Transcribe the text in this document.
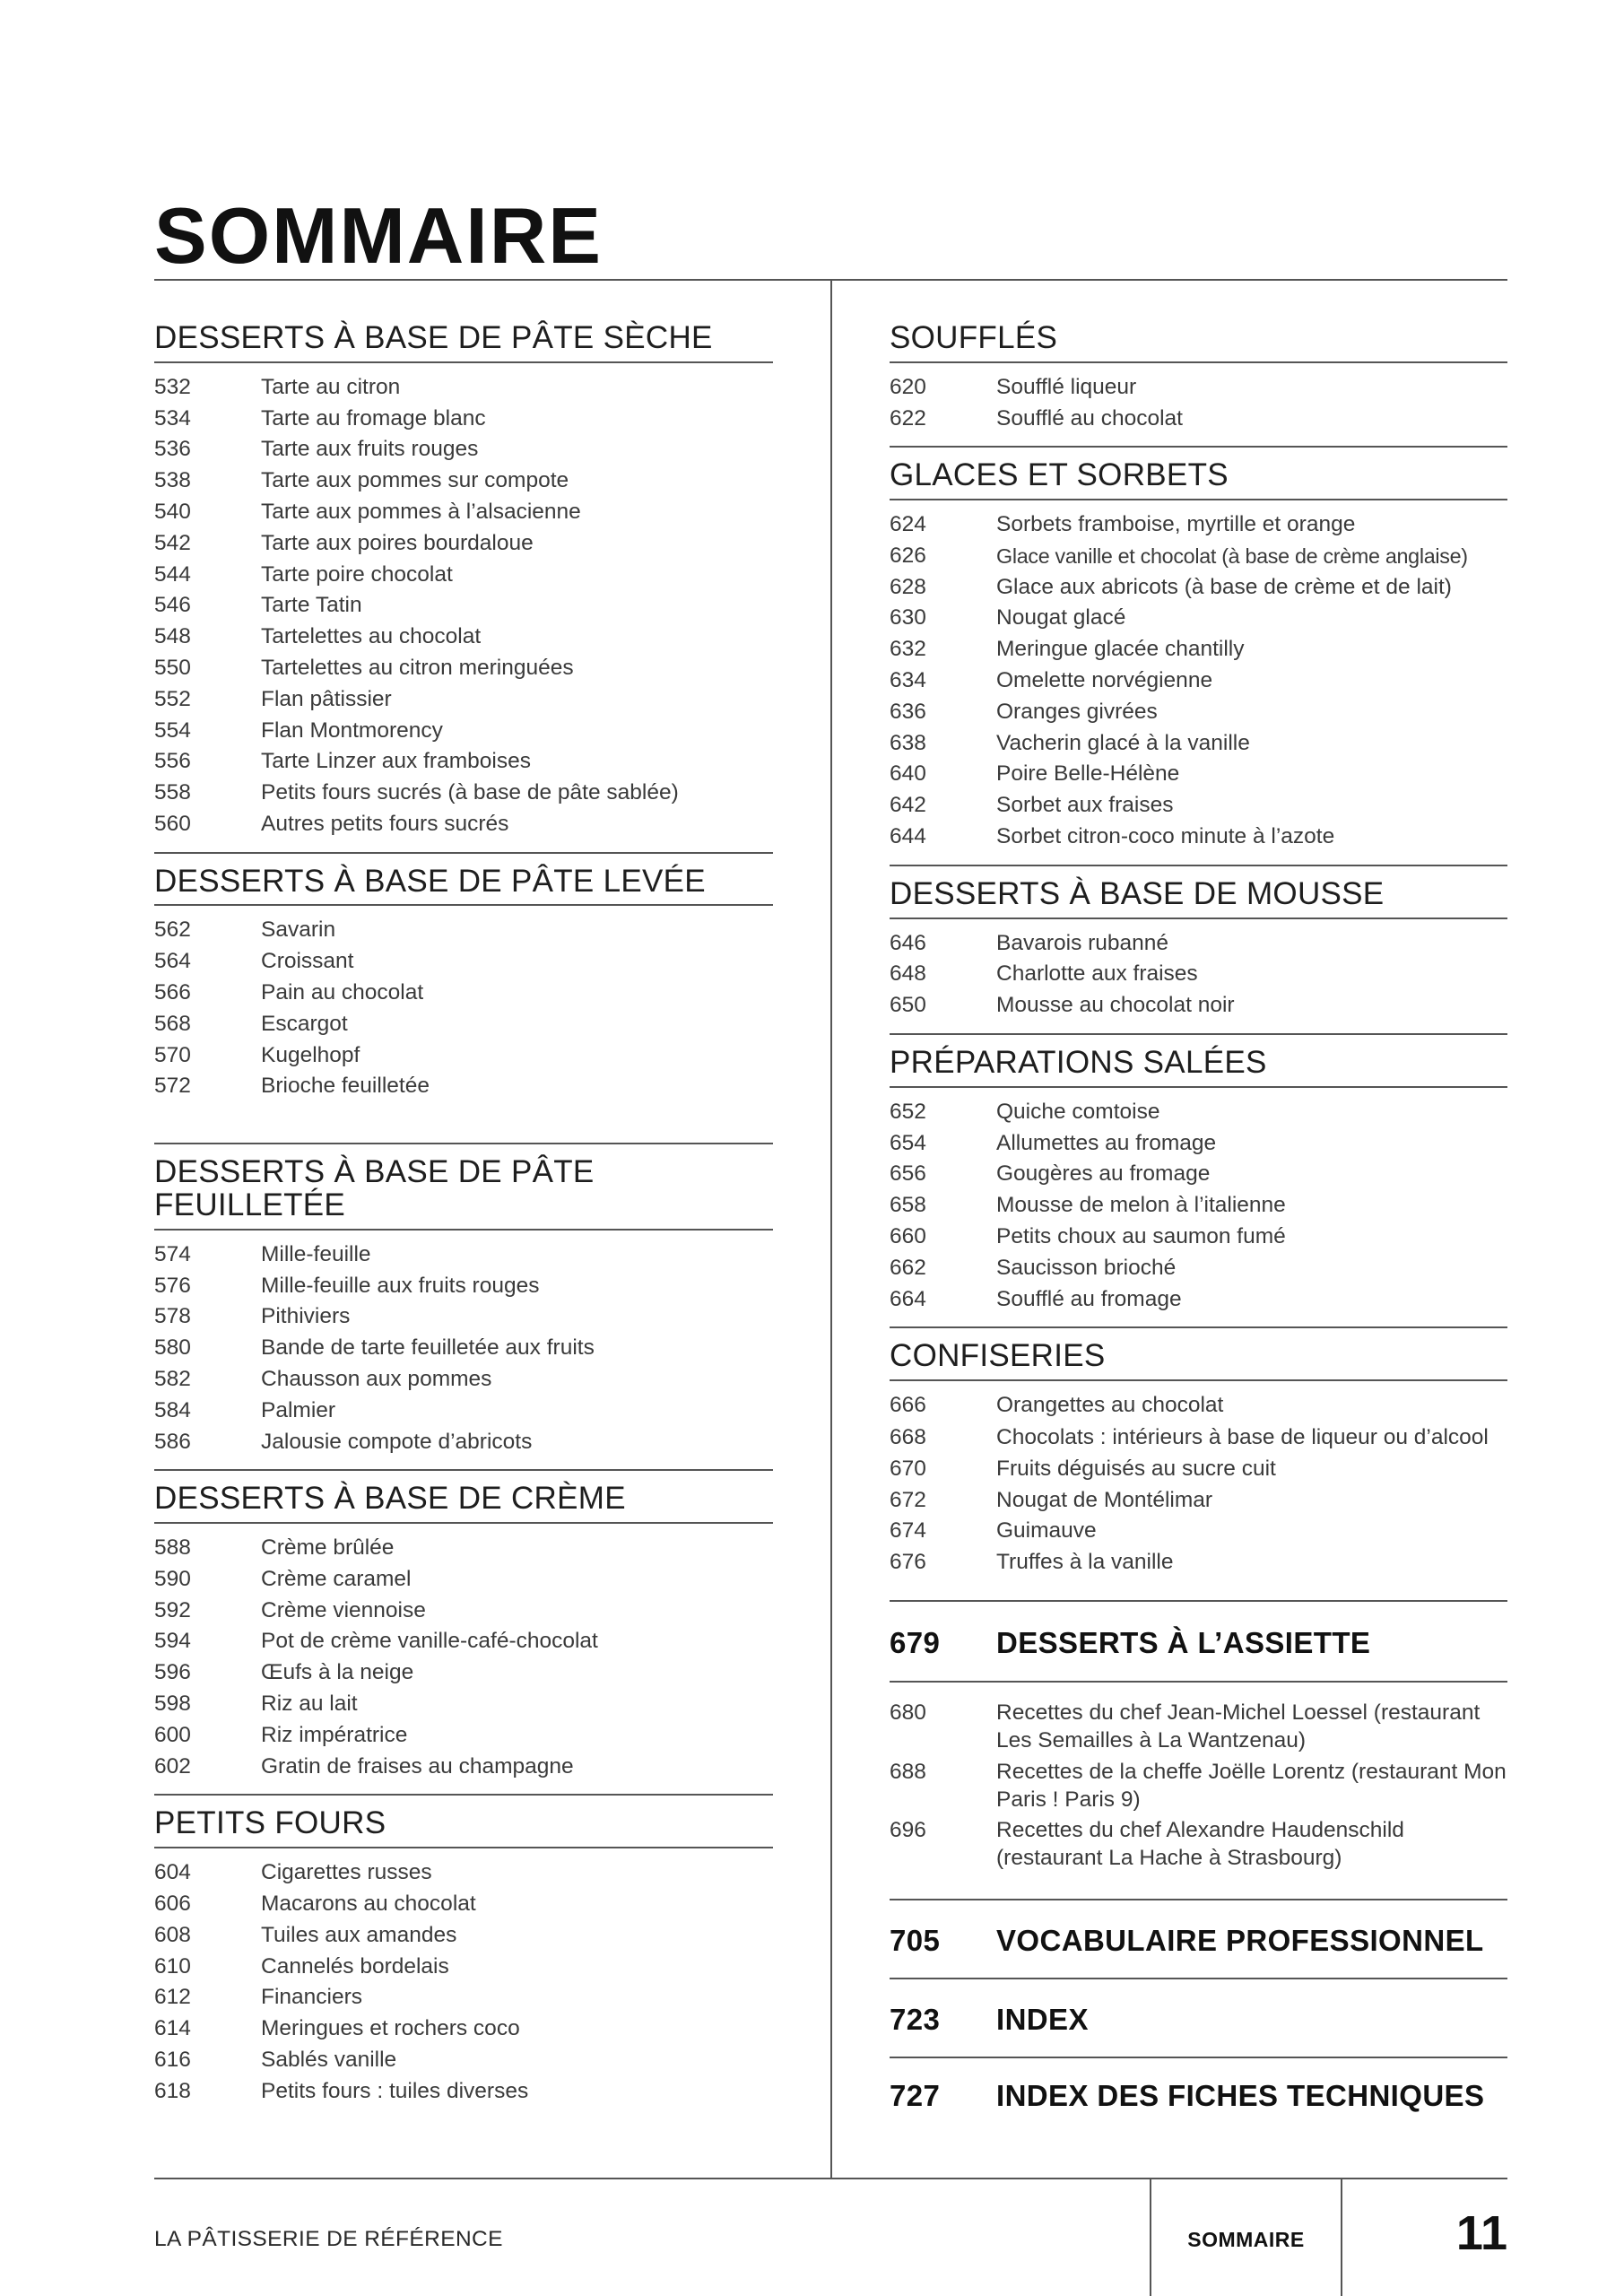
SOMMAIRE
DESSERTS À BASE DE PÂTE SÈCHE
532	Tarte au citron
534	Tarte au fromage blanc
536	Tarte aux fruits rouges
538	Tarte aux pommes sur compote
540	Tarte aux pommes à l’alsacienne
542	Tarte aux poires bourdaloue
544	Tarte poire chocolat
546	Tarte Tatin
548	Tartelettes au chocolat
550	Tartelettes au citron meringuées
552	Flan pâtissier
554	Flan Montmorency
556	Tarte Linzer aux framboises
558	Petits fours sucrés (à base de pâte sablée)
560	Autres petits fours sucrés
DESSERTS À BASE DE PÂTE LEVÉE
562	Savarin
564	Croissant
566	Pain au chocolat
568	Escargot
570	Kugelhopf
572	Brioche feuilletée
DESSERTS À BASE DE PÂTE FEUILLETÉE
574	Mille-feuille
576	Mille-feuille aux fruits rouges
578	Pithiviers
580	Bande de tarte feuilletée aux fruits
582	Chausson aux pommes
584	Palmier
586	Jalousie compote d’abricots
DESSERTS À BASE DE CRÈME
588	Crème brûlée
590	Crème caramel
592	Crème viennoise
594	Pot de crème vanille-café-chocolat
596	Œufs à la neige
598	Riz au lait
600	Riz impératrice
602	Gratin de fraises au champagne
PETITS FOURS
604	Cigarettes russes
606	Macarons au chocolat
608	Tuiles aux amandes
610	Cannelés bordelais
612	Financiers
614	Meringues et rochers coco
616	Sablés vanille
618	Petits fours : tuiles diverses
SOUFFLÉS
620	Soufflé liqueur
622	Soufflé au chocolat
GLACES ET SORBETS
624	Sorbets framboise, myrtille et orange
626	Glace vanille et chocolat (à base de crème anglaise)
628	Glace aux abricots (à base de crème et de lait)
630	Nougat glacé
632	Meringue glacée chantilly
634	Omelette norvégienne
636	Oranges givrées
638	Vacherin glacé à la vanille
640	Poire Belle-Hélène
642	Sorbet aux fraises
644	Sorbet citron-coco minute à l’azote
DESSERTS À BASE DE MOUSSE
646	Bavarois rubanné
648	Charlotte aux fraises
650	Mousse au chocolat noir
PRÉPARATIONS SALÉES
652	Quiche comtoise
654	Allumettes au fromage
656	Gougères au fromage
658	Mousse de melon à l’italienne
660	Petits choux au saumon fumé
662	Saucisson brioché
664	Soufflé au fromage
CONFISERIES
666	Orangettes au chocolat
668	Chocolats : intérieurs à base de liqueur ou d’alcool
670	Fruits déguisés au sucre cuit
672	Nougat de Montélimar
674	Guimauve
676	Truffes à la vanille
679	DESSERTS À L’ASSIETTE
680	Recettes du chef Jean-Michel Loessel (restaurant Les Semailles à La Wantzenau)
688	Recettes de la cheffe Joëlle Lorentz (restaurant Mon Paris ! Paris 9)
696	Recettes du chef Alexandre Haudenschild (restaurant La Hache à Strasbourg)
705	VOCABULAIRE PROFESSIONNEL
723	INDEX
727	INDEX DES FICHES TECHNIQUES
LA PÂTISSERIE DE RÉFÉRENCE	SOMMAIRE	11
